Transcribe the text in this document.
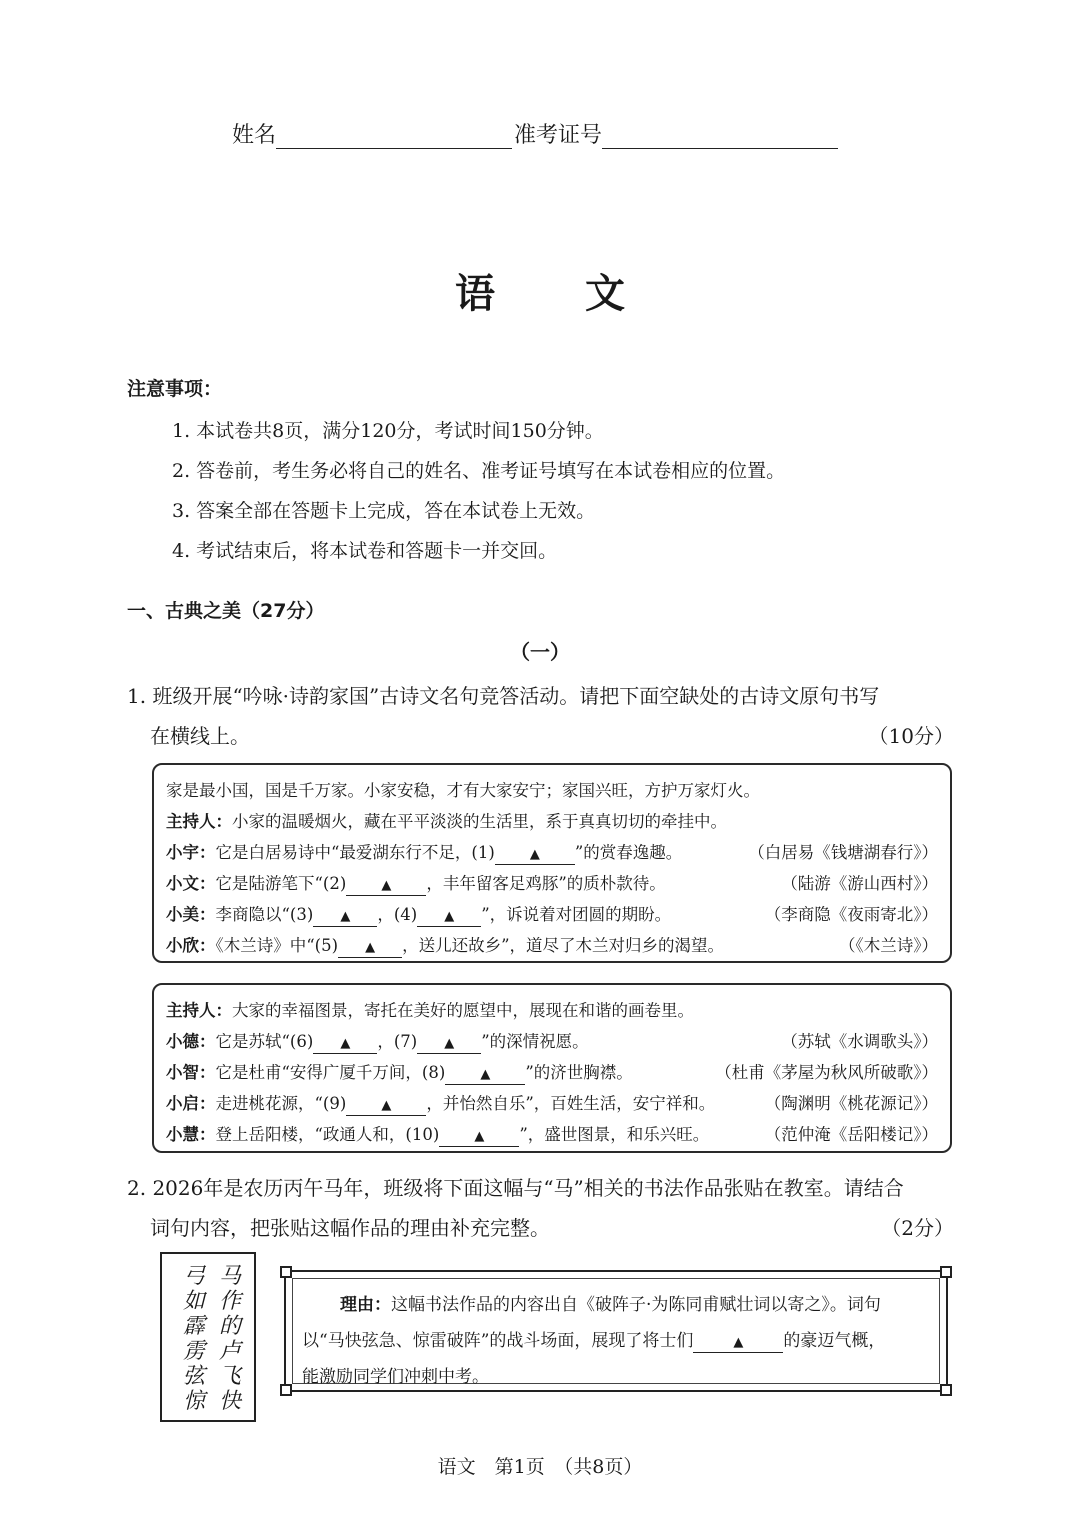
姓名	准考证号
语文
注意事项：
1. 本试卷共8页，满分120分，考试时间150分钟。
2. 答卷前，考生务必将自己的姓名、准考证号填写在本试卷相应的位置。
3. 答案全部在答题卡上完成，答在本试卷上无效。
4. 考试结束后，将本试卷和答题卡一并交回。
一、古典之美（27分）
（一）
1. 班级开展“吟咏·诗韵家国”古诗文名句竞答活动。请把下面空缺处的古诗文原句书写
在横线上。	（10分）
家是最小国，国是千万家。小家安稳，才有大家安宁；家国兴旺，方护万家灯火。
主持人：小家的温暖烟火，藏在平平淡淡的生活里，系于真真切切的牵挂中。
小宇：它是白居易诗中“最爱湖东行不足，(1)	▲ ”的赏春逸趣。	（白居易《钱塘湖春行》）
小文：它是陆游笔下“(2)	▲ ，丰年留客足鸡豚”的质朴款待。	（陆游《游山西村》）
小美：李商隐以“(3) ▲ ，(4) ▲ ”，诉说着对团圆的期盼。	（李商隐《夜雨寄北》）
小欣：《木兰诗》中“(5) ▲ ，送儿还故乡”，道尽了木兰对归乡的渴望。	（《木兰诗》）
主持人：大家的幸福图景，寄托在美好的愿望中，展现在和谐的画卷里。
小德：它是苏轼“(6) ▲ ，(7) ▲ ”的深情祝愿。	（苏轼《水调歌头》）
小智：它是杜甫“安得广厦千万间，(8)	▲ ”的济世胸襟。	（杜甫《茅屋为秋风所破歌》）
小启：走进桃花源，“(9)	▲ ，并怡然自乐”，百姓生活，安宁祥和。	（陶渊明《桃花源记》）
小慧：登上岳阳楼，“政通人和，(10)	▲ ”，盛世图景，和乐兴旺。	（范仲淹《岳阳楼记》）
2. 2026年是农历丙午马年，班级将下面这幅与“马”相关的书法作品张贴在教室。请结合
词句内容，把张贴这幅作品的理由补充完整。	（2分）
马
作
的
卢
飞
快
弓
如
霹
雳
弦
惊
理由：这幅书法作品的内容出自《破阵子·为陈同甫赋壮词以寄之》。词句
以“马快弦急、惊雷破阵”的战斗场面，展现了将士们	▲ 的豪迈气概，
能激励同学们冲刺中考。
语文　第1页　（共8页）
